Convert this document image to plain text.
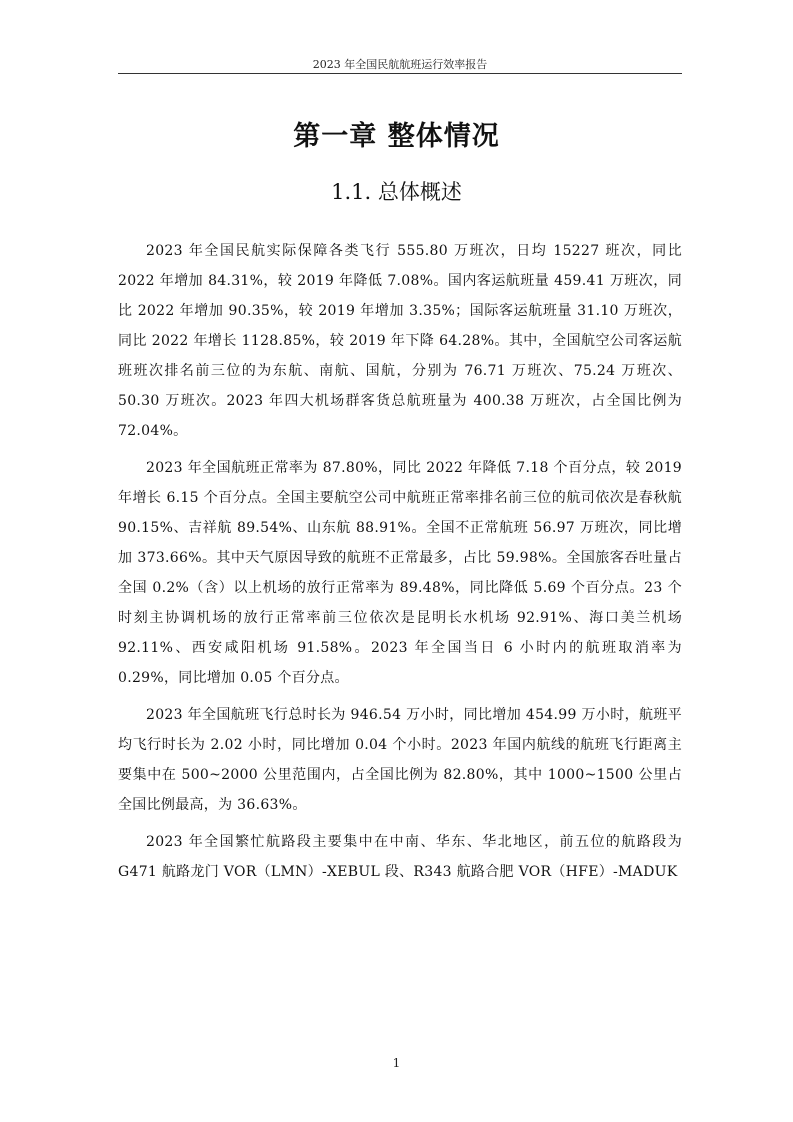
2023 年全国民航航班运行效率报告
第一章 整体情况
1.1. 总体概述

2023 年全国民航实际保障各类飞行 555.80 万班次，日均 15227 班次，同比 2022 年增加 84.31%，较 2019 年降低 7.08%。国内客运航班量 459.41 万班次，同比 2022 年增加 90.35%，较 2019 年增加 3.35%；国际客运航班量 31.10 万班次，同比 2022 年增长 1128.85%，较 2019 年下降 64.28%。其中，全国航空公司客运航班班次排名前三位的为东航、南航、国航，分别为 76.71 万班次、75.24 万班次、50.30 万班次。2023 年四大机场群客货总航班量为 400.38 万班次，占全国比例为 72.04%。

2023 年全国航班正常率为 87.80%，同比 2022 年降低 7.18 个百分点，较 2019 年增长 6.15 个百分点。全国主要航空公司中航班正常率排名前三位的航司依次是春秋航 90.15%、吉祥航 89.54%、山东航 88.91%。全国不正常航班 56.97 万班次，同比增加 373.66%。其中天气原因导致的航班不正常最多，占比 59.98%。全国旅客吞吐量占全国 0.2%（含）以上机场的放行正常率为 89.48%，同比降低 5.69 个百分点。23 个时刻主协调机场的放行正常率前三位依次是昆明长水机场 92.91%、海口美兰机场 92.11%、西安咸阳机场 91.58%。2023 年全国当日 6 小时内的航班取消率为 0.29%，同比增加 0.05 个百分点。

2023 年全国航班飞行总时长为 946.54 万小时，同比增加 454.99 万小时，航班平均飞行时长为 2.02 小时，同比增加 0.04 个小时。2023 年国内航线的航班飞行距离主要集中在 500~2000 公里范围内，占全国比例为 82.80%，其中 1000~1500 公里占全国比例最高，为 36.63%。

2023 年全国繁忙航路段主要集中在中南、华东、华北地区，前五位的航路段为 G471 航路龙门 VOR（LMN）-XEBUL 段、R343 航路合肥 VOR（HFE）-MADUK

1
